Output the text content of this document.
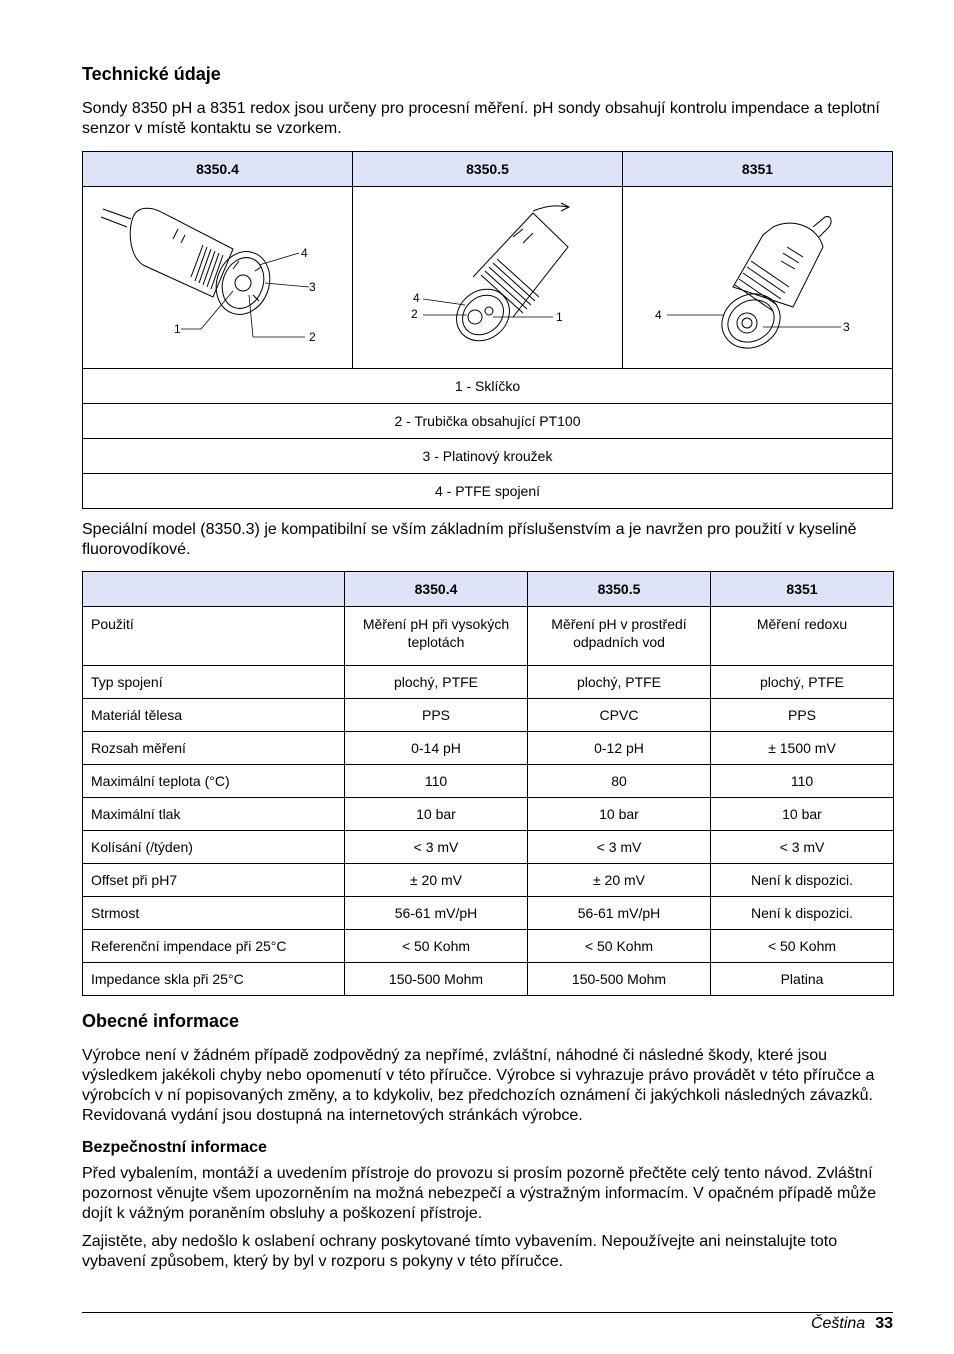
Technické údaje

Sondy 8350 pH a 8351 redox jsou určeny pro procesní měření. pH sondy obsahují kontrolu impendace a teplotní senzor v místě kontaktu se vzorkem.

8350.4	8350.5	8351

4
3
1
2	4
2 1	4
3

1 - Sklíčko		
2 - Trubička obsahující PT100		
3 - Platinový kroužek		
4 - PTFE spojení		

Speciální model (8350.3) je kompatibilní se vším základním příslušenstvím a je navržen pro použití v kyselině fluorovodíkové.

	8350.4	8350.5	8351
Použití	Měření pH při vysokých teplotách	Měření pH v prostředí odpadních vod	Měření redoxu
Typ spojení	plochý, PTFE	plochý, PTFE	plochý, PTFE
Materiál tělesa	PPS	CPVC	PPS
Rozsah měření	0-14 pH	0-12 pH	± 1500 mV
Maximální teplota (°C)	110	80	110
Maximální tlak	10 bar	10 bar	10 bar
Kolísání (/týden)	< 3 mV	< 3 mV	< 3 mV
Offset při pH7	± 20 mV	± 20 mV	Není k dispozici.
Strmost	56-61 mV/pH	56-61 mV/pH	Není k dispozici.
Referenční impendace při 25°C	< 50 Kohm	< 50 Kohm	< 50 Kohm
Impedance skla při 25°C	150-500 Mohm	150-500 Mohm	Platina
Obecné informace

Výrobce není v žádném případě zodpovědný za nepřímé, zvláštní, náhodné či následné škody, které jsou výsledkem jakékoli chyby nebo opomenutí v této příručce. Výrobce si vyhrazuje právo provádět v této příručce a výrobcích v ní popisovaných změny, a to kdykoliv, bez předchozích oznámení či jakýchkoli následných závazků. Revidovaná vydání jsou dostupná na internetových stránkách výrobce.

Bezpečnostní informace

Před vybalením, montáží a uvedením přístroje do provozu si prosím pozorně přečtěte celý tento návod. Zvláštní pozornost věnujte všem upozorněním na možná nebezpečí a výstražným informacím. V opačném případě může dojít k vážným poraněním obsluhy a poškození přístroje.

Zajistěte, aby nedošlo k oslabení ochrany poskytované tímto vybavením. Nepoužívejte ani neinstalujte toto vybavení způsobem, který by byl v rozporu s pokyny v této příručce.

Čeština 33
